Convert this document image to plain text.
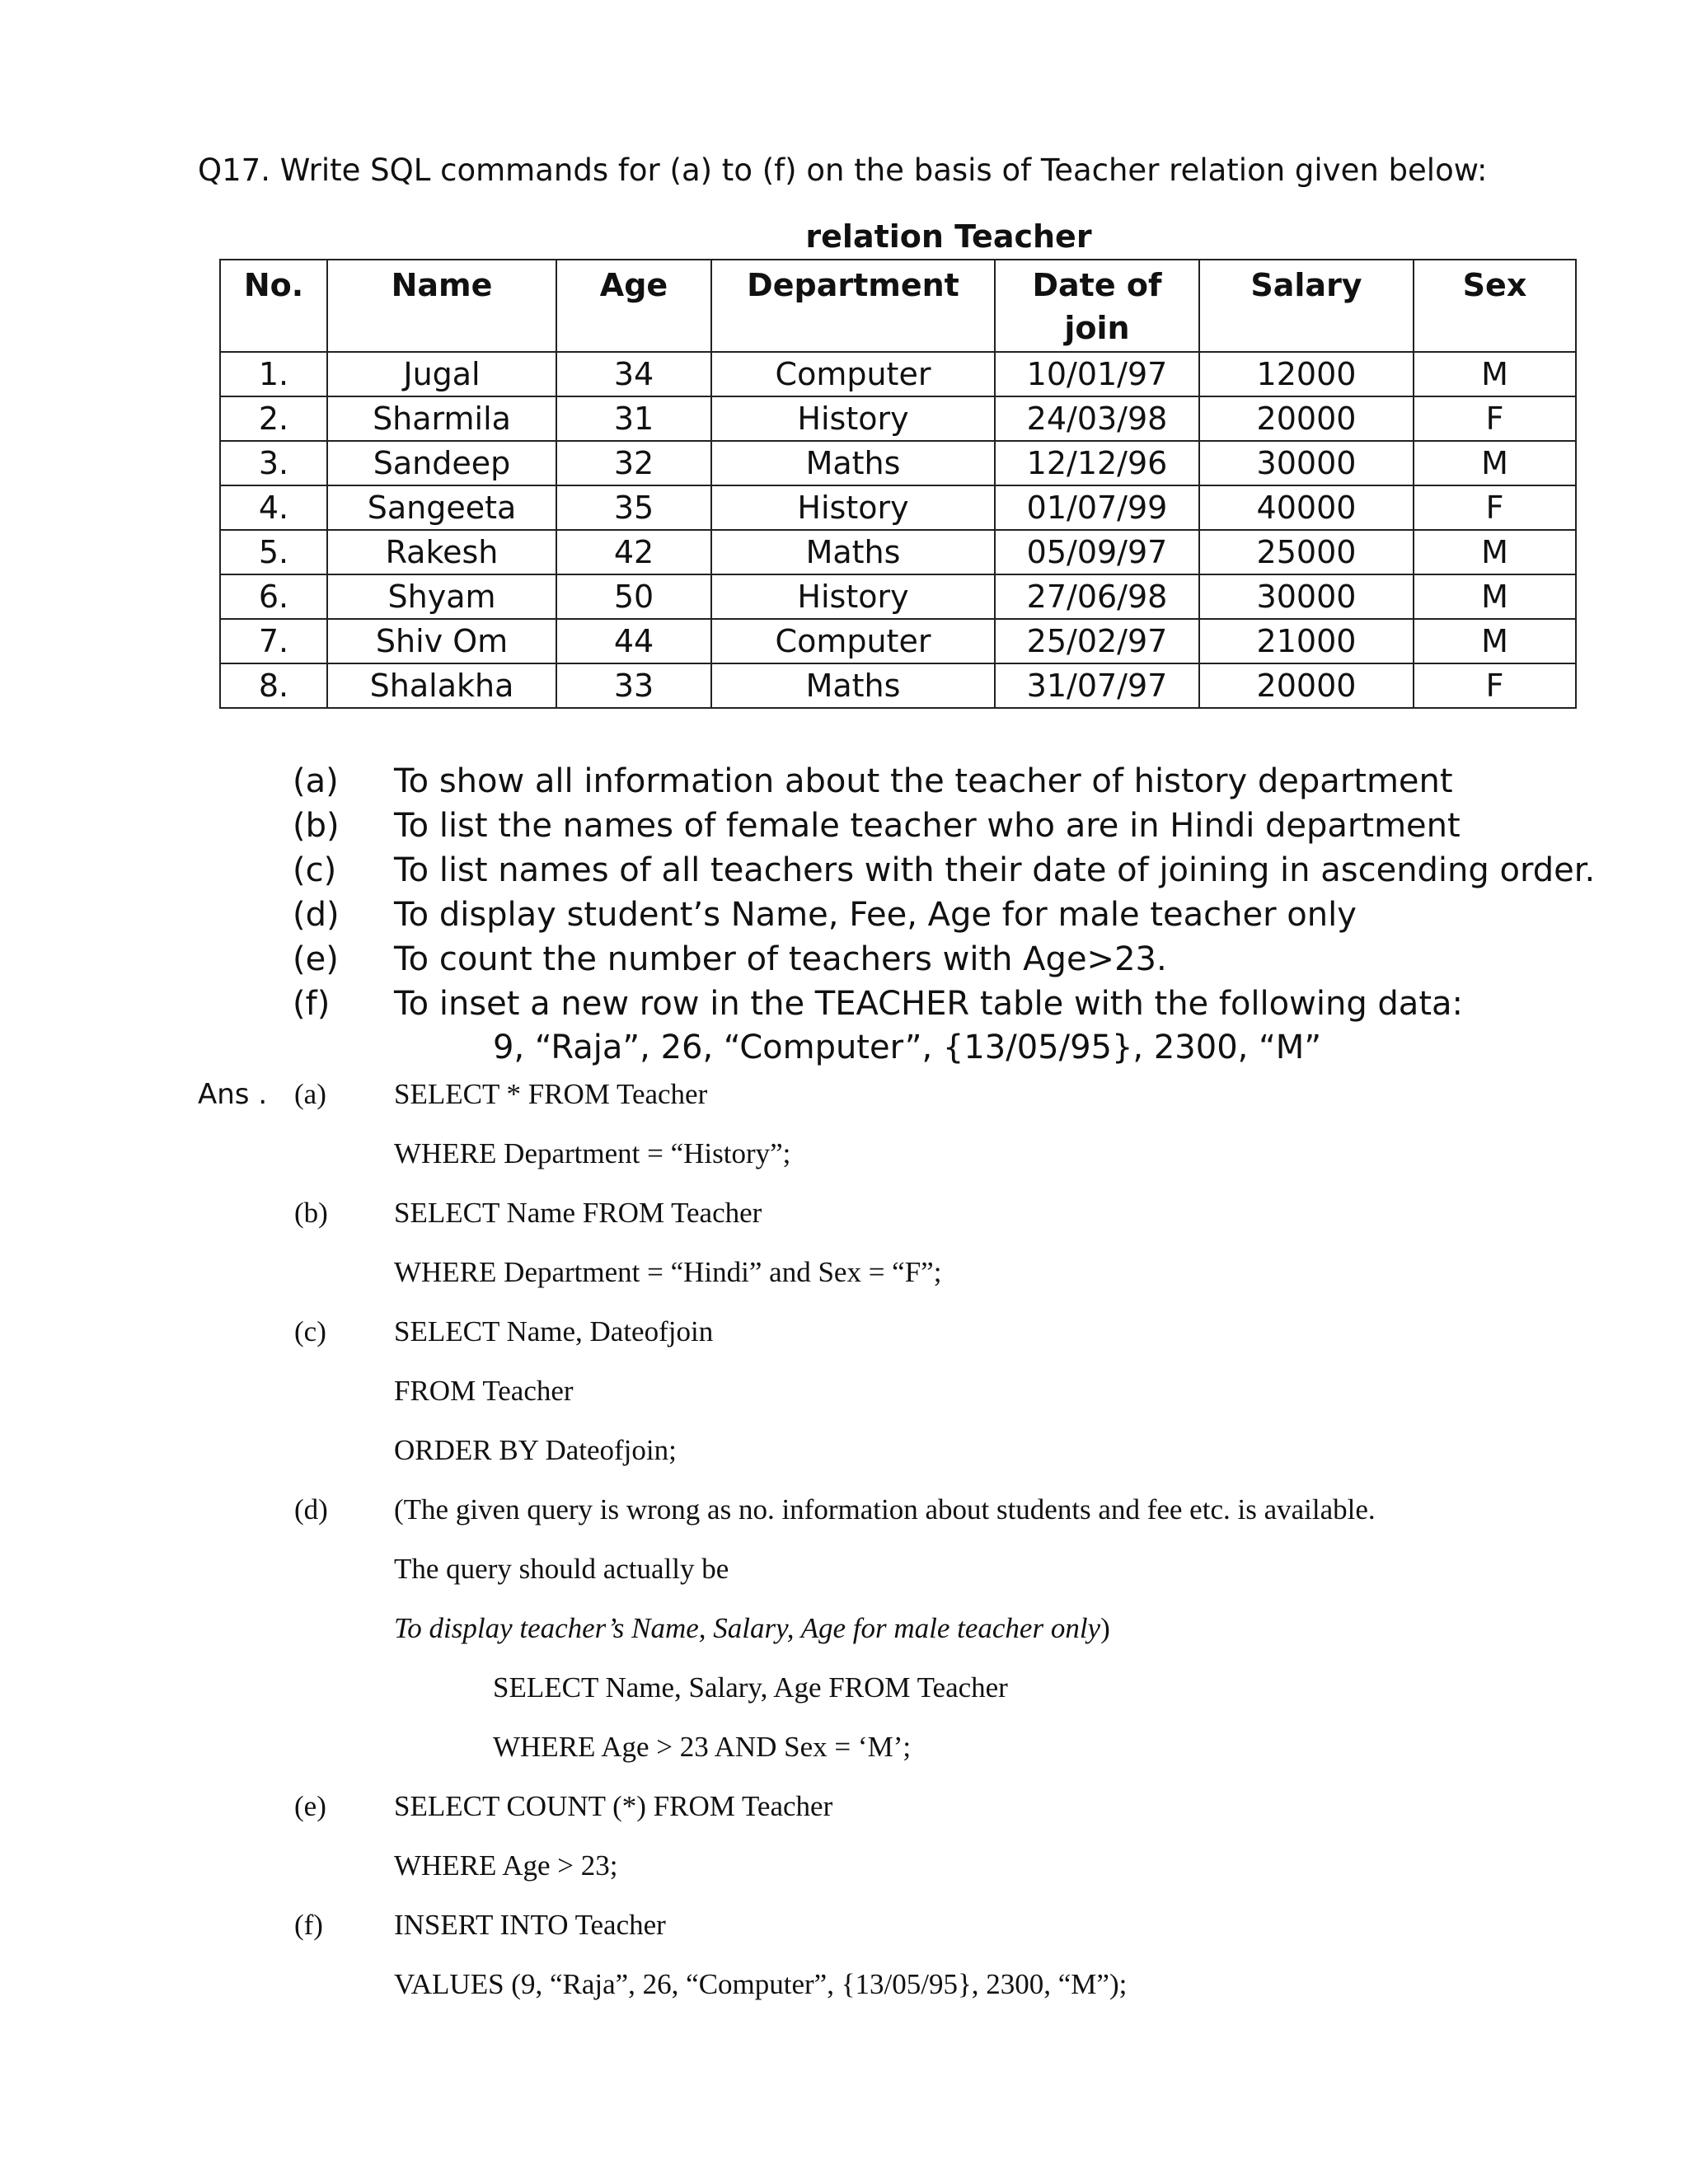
Q17. Write SQL commands for (a) to (f) on the basis of Teacher relation given below:
relation Teacher
No.	Name	Age	Department	Date of join	Salary	Sex
1.	Jugal	34	Computer	10/01/97	12000	M
2.	Sharmila	31	History	24/03/98	20000	F
3.	Sandeep	32	Maths	12/12/96	30000	M
4.	Sangeeta	35	History	01/07/99	40000	F
5.	Rakesh	42	Maths	05/09/97	25000	M
6.	Shyam	50	History	27/06/98	30000	M
7.	Shiv Om	44	Computer	25/02/97	21000	M
8.	Shalakha	33	Maths	31/07/97	20000	F
(a) To show all information about the teacher of history department
(b) To list the names of female teacher who are in Hindi department
(c) To list names of all teachers with their date of joining in ascending order.
(d) To display student’s Name, Fee, Age for male teacher only
(e) To count the number of teachers with Age>23.
(f) To inset a new row in the TEACHER table with the following data:
9, “Raja”, 26, “Computer”, {13/05/95}, 2300, “M”
Ans . (a) SELECT * FROM Teacher
WHERE Department = “History”;
(b) SELECT Name FROM Teacher
WHERE Department = “Hindi” and Sex = “F”;
(c) SELECT Name, Dateofjoin
FROM Teacher
ORDER BY Dateofjoin;
(d) (The given query is wrong as no. information about students and fee etc. is available.
The query should actually be
To display teacher’s Name, Salary, Age for male teacher only)
SELECT Name, Salary, Age FROM Teacher
WHERE Age > 23 AND Sex = ‘M’;
(e) SELECT COUNT (*) FROM Teacher
WHERE Age > 23;
(f) INSERT INTO Teacher
VALUES (9, “Raja”, 26, “Computer”, {13/05/95}, 2300, “M”);
